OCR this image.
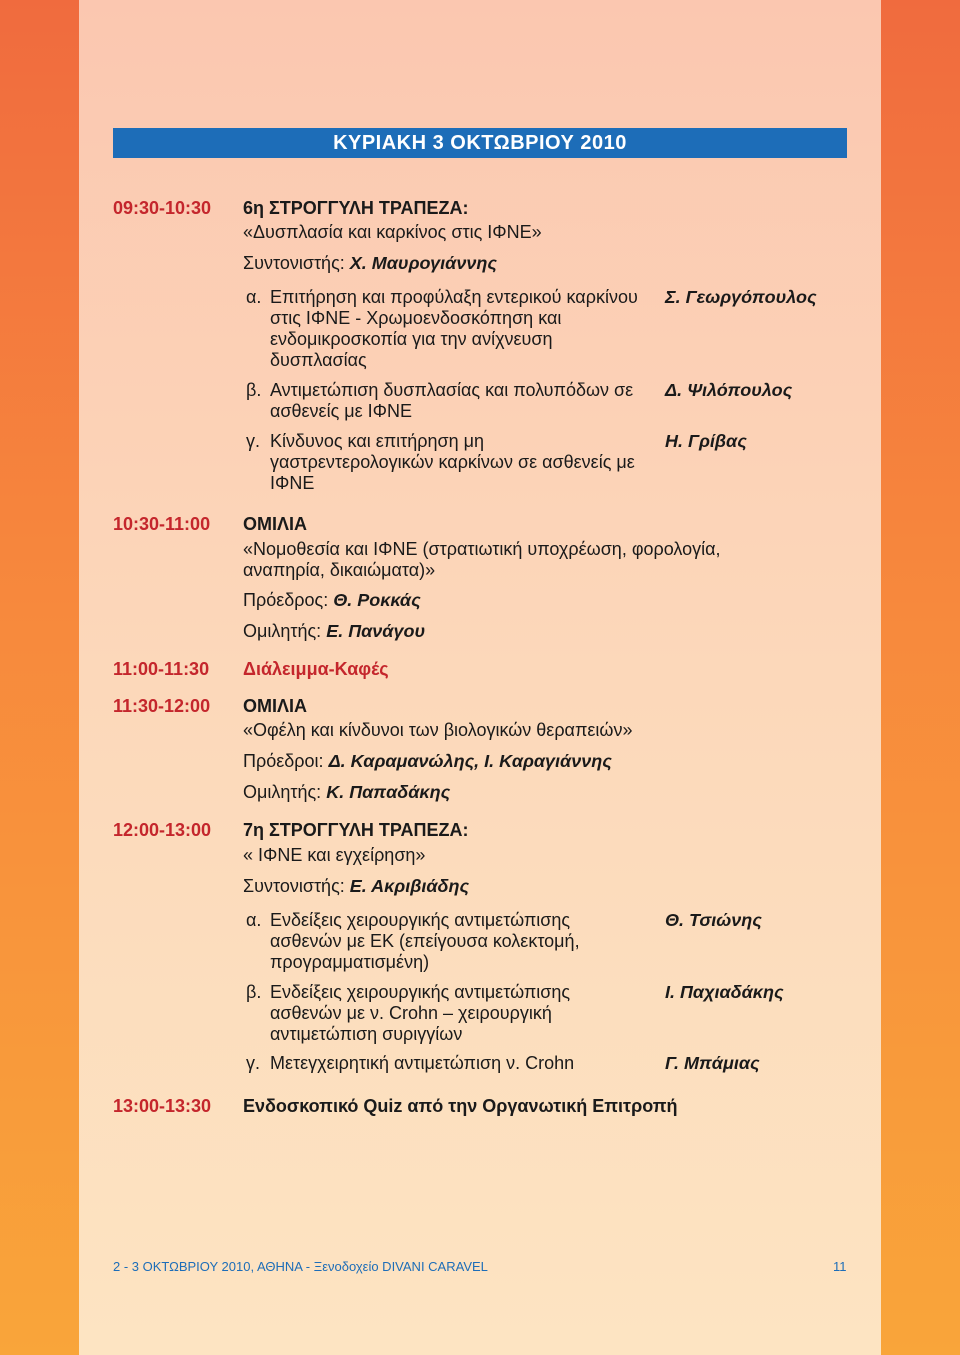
ΚΥΡΙΑΚΗ 3 ΟΚΤΩΒΡΙΟΥ 2010
09:30-10:30 6η ΣΤΡΟΓΓΥΛΗ ΤΡΑΠΕΖΑ:
«Δυσπλασία και καρκίνος στις ΙΦΝΕ»
Συντονιστής: Χ. Μαυρογιάννης
α. Επιτήρηση και προφύλαξη εντερικού καρκίνου στις ΙΦΝΕ - Χρωμοενδοσκόπηση και ενδομικροσκοπία για την ανίχνευση δυσπλασίας
Σ. Γεωργόπουλος
β. Αντιμετώπιση δυσπλασίας και πολυπόδων σε ασθενείς με ΙΦΝΕ
Δ. Ψιλόπουλος
γ. Κίνδυνος και επιτήρηση μη γαστρεντερολογικών καρκίνων σε ασθενείς με ΙΦΝΕ
Η. Γρίβας
10:30-11:00 ΟΜΙΛΙΑ
«Νομοθεσία και ΙΦΝΕ (στρατιωτική υποχρέωση, φορολογία,
αναπηρία, δικαιώματα)»
Πρόεδρος: Θ. Ροκκάς
Ομιλητής: Ε. Πανάγου
11:00-11:30 Διάλειμμα-Καφές
11:30-12:00 ΟΜΙΛΙΑ
«Οφέλη και κίνδυνοι των βιολογικών θεραπειών»
Πρόεδροι: Δ. Καραμανώλης, Ι. Καραγιάννης
Ομιλητής: Κ. Παπαδάκης
12:00-13:00 7η ΣΤΡΟΓΓΥΛΗ ΤΡΑΠΕΖΑ:
« ΙΦΝΕ και εγχείρηση»
Συντονιστής: Ε. Ακριβιάδης
α. Ενδείξεις χειρουργικής αντιμετώπισης ασθενών με ΕΚ (επείγουσα κολεκτομή, προγραμματισμένη)
Θ. Τσιώνης
β. Ενδείξεις χειρουργικής αντιμετώπισης ασθενών με ν. Crohn – χειρουργική αντιμετώπιση συριγγίων
Ι. Παχιαδάκης
γ. Μετεγχειρητική αντιμετώπιση ν. Crohn	Γ. Μπάμιας
13:00-13:30 Ενδοσκοπικό Quiz από την Οργανωτική Επιτροπή
2 - 3 ΟΚΤΩΒΡΙΟΥ 2010, ΑΘΗΝΑ - Ξενοδοχείο DIVANI CARAVEL	11
